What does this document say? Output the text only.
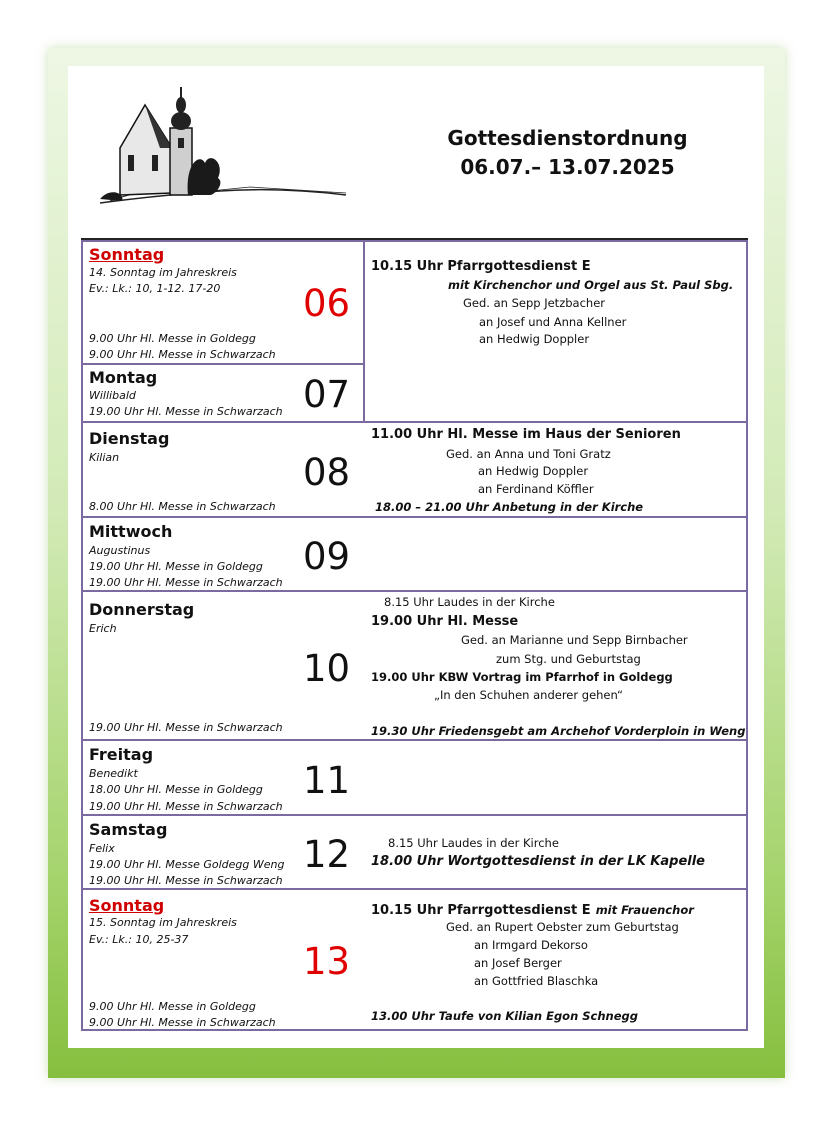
Gottesdienstordnung
06.07.– 13.07.2025
Sonntag
14. Sonntag im Jahreskreis
Ev.: Lk.: 10, 1-12. 17-20
9.00 Uhr Hl. Messe in Goldegg
9.00 Uhr Hl. Messe in Schwarzach
06
10.15 Uhr Pfarrgottesdienst E
mit Kirchenchor und Orgel aus St. Paul Sbg.
Ged. an Sepp Jetzbacher
an Josef und Anna Kellner
an Hedwig Doppler
Montag
Willibald
19.00 Uhr Hl. Messe in Schwarzach 07
Dienstag
Kilian
8.00 Uhr Hl. Messe in Schwarzach
08
11.00 Uhr Hl. Messe im Haus der Senioren
Ged. an Anna und Toni Gratz
an Hedwig Doppler
an Ferdinand Köffler
18.00 – 21.00 Uhr Anbetung in der Kirche
Mittwoch
Augustinus
19.00 Uhr Hl. Messe in Goldegg
19.00 Uhr Hl. Messe in Schwarzach
09
Donnerstag
Erich
19.00 Uhr Hl. Messe in Schwarzach
10
8.15 Uhr Laudes in der Kirche
19.00 Uhr Hl. Messe
Ged. an Marianne und Sepp Birnbacher
zum Stg. und Geburtstag
19.00 Uhr KBW Vortrag im Pfarrhof in Goldegg
„In den Schuhen anderer gehen“
19.30 Uhr Friedensgebt am Archehof Vorderploin in Weng
Freitag
Benedikt
18.00 Uhr Hl. Messe in Goldegg
19.00 Uhr Hl. Messe in Schwarzach
11
Samstag
Felix
19.00 Uhr Hl. Messe Goldegg Weng
19.00 Uhr Hl. Messe in Schwarzach
12	8.15 Uhr Laudes in der Kirche
18.00 Uhr Wortgottesdienst in der LK Kapelle
Sonntag
15. Sonntag im Jahreskreis
Ev.: Lk.: 10, 25-37
9.00 Uhr Hl. Messe in Goldegg
9.00 Uhr Hl. Messe in Schwarzach
13
10.15 Uhr Pfarrgottesdienst E mit Frauenchor
Ged. an Rupert Oebster zum Geburtstag
an Irmgard Dekorso
an Josef Berger
an Gottfried Blaschka
13.00 Uhr Taufe von Kilian Egon Schnegg
